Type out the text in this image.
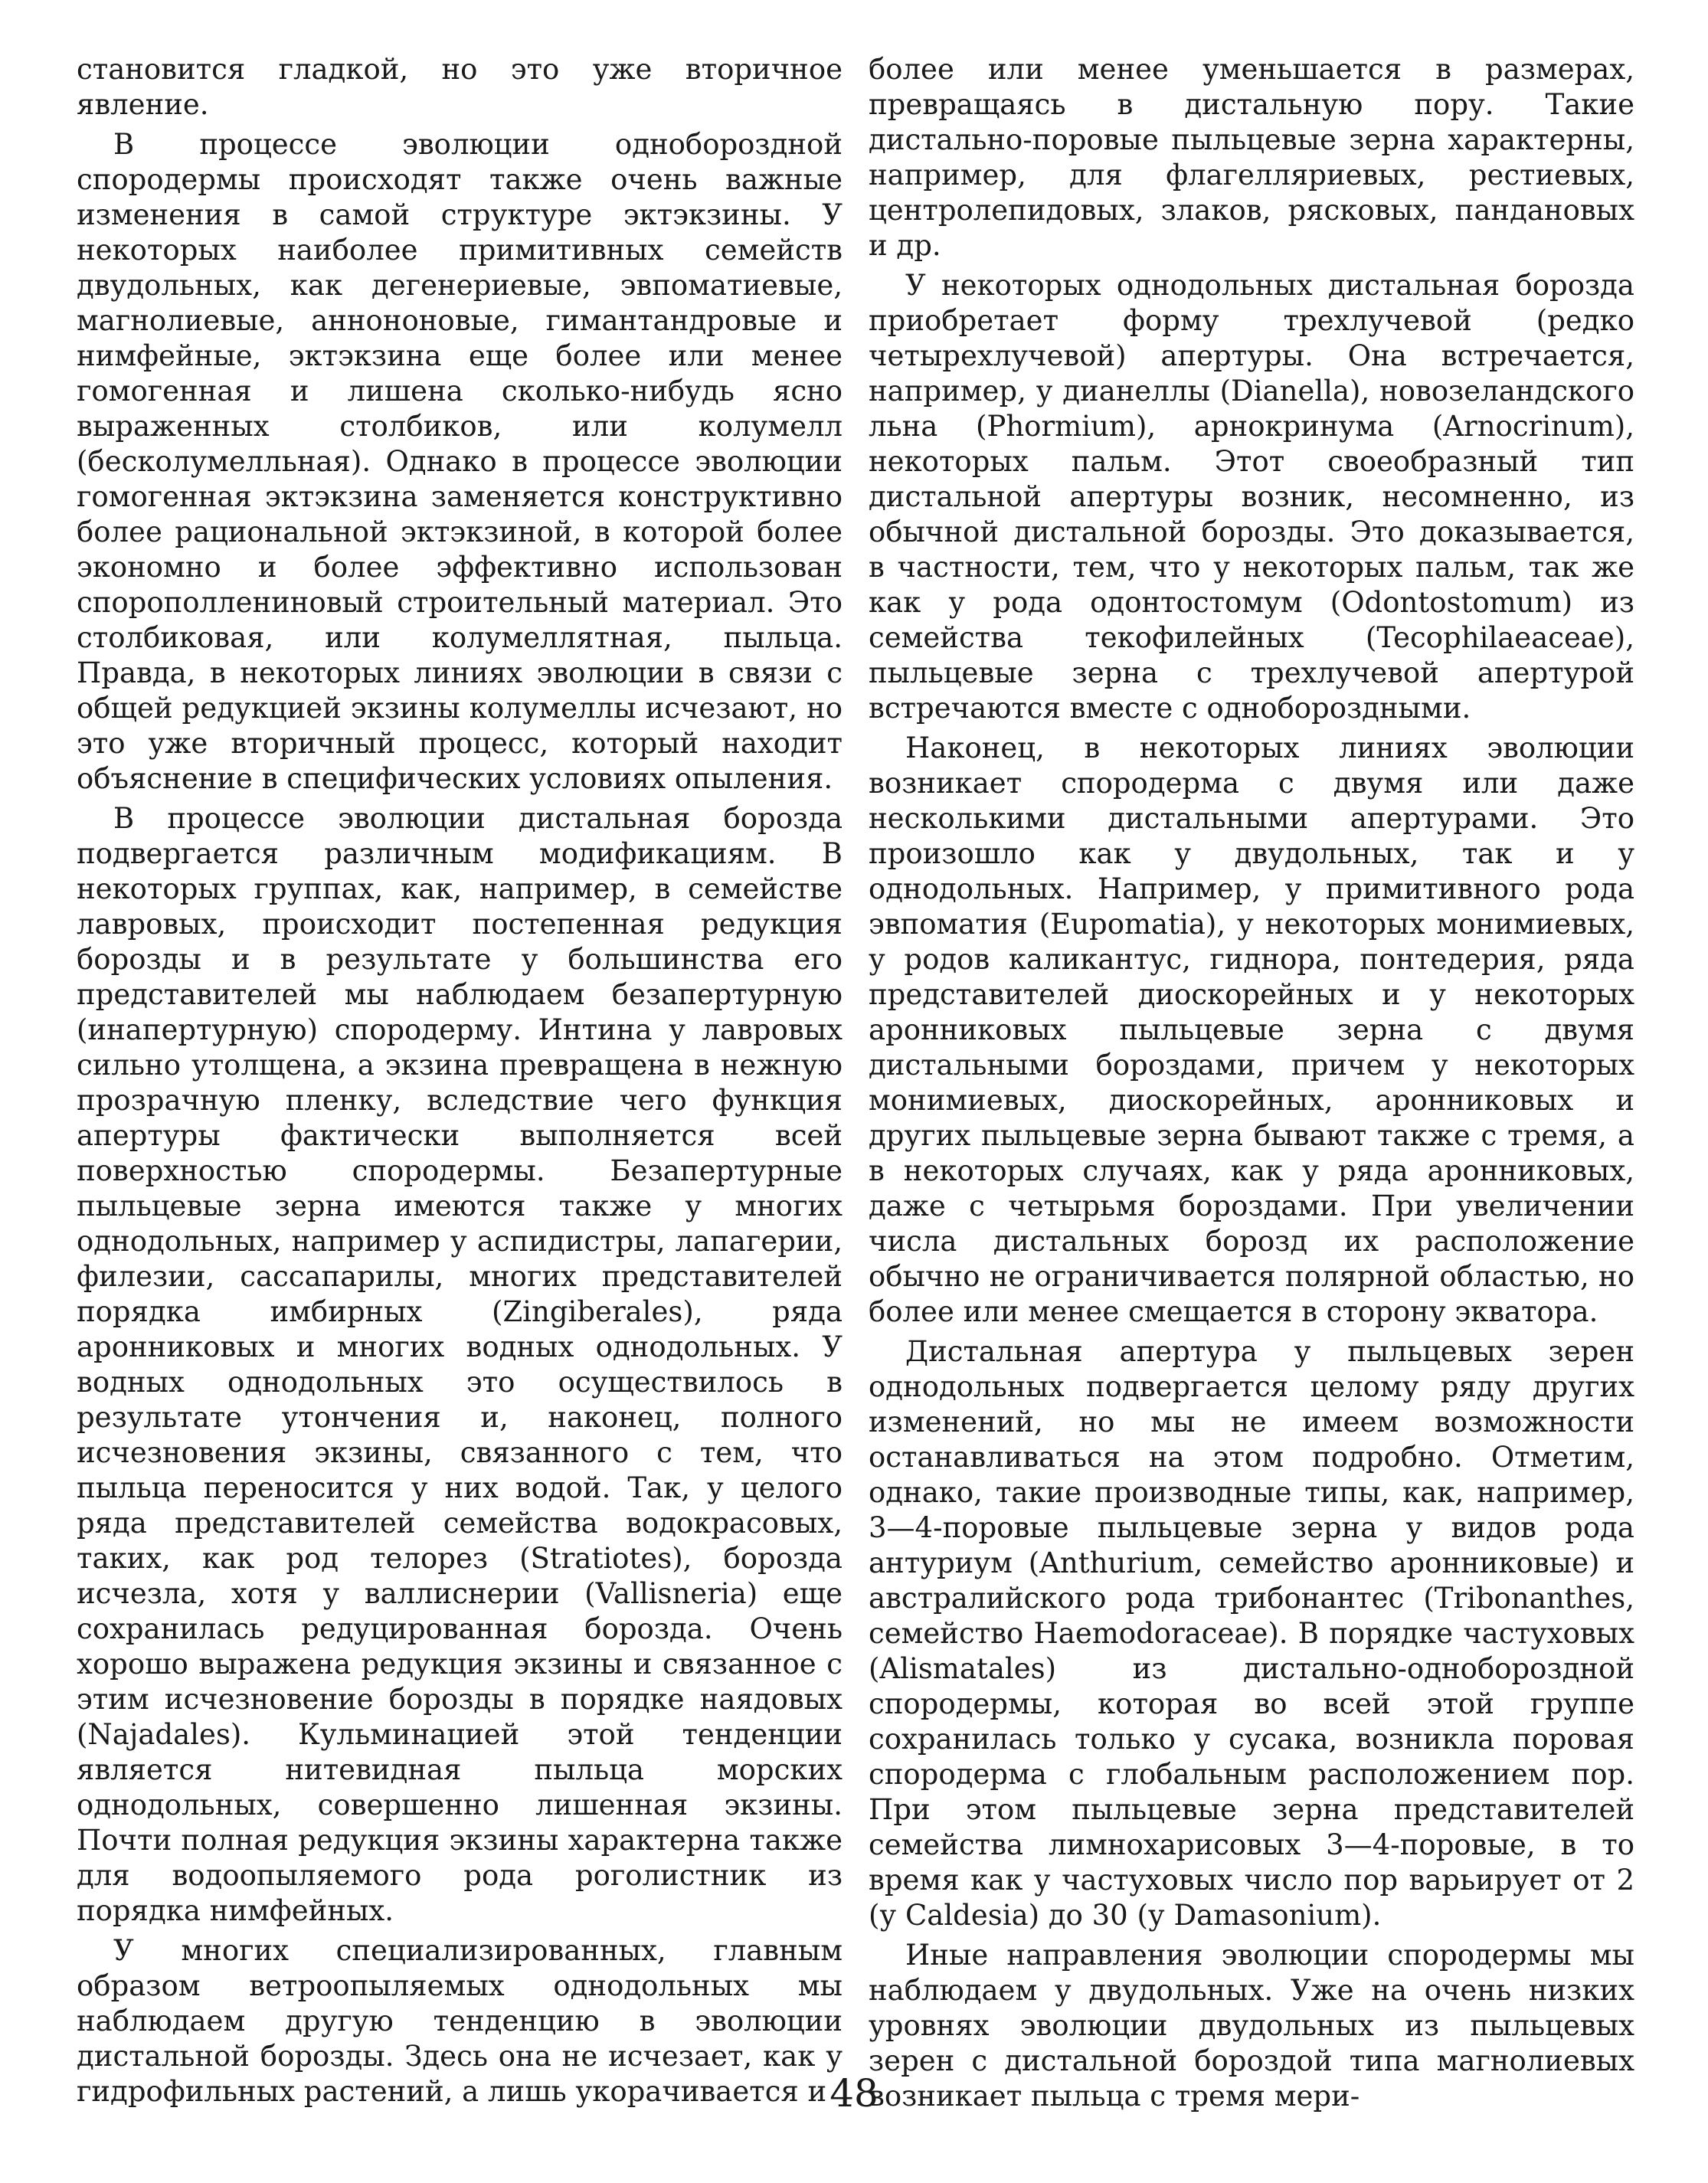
становится гладкой, но это уже вторичное явление.

В процессе эволюции однобороздной спородермы происходят также очень важные изменения в самой структуре эктэкзины. У некоторых наиболее примитивных семейств двудольных, как дегенериевые, эвпоматиевые, магнолиевые, аннононовые, гимантандровые и нимфейные, эктэкзина еще более или менее гомогенная и лишена сколько-нибудь ясно выраженных столбиков, или колумелл (бесколумелльная). Однако в процессе эволюции гомогенная эктэкзина заменяется конструктивно более рациональной эктэкзиной, в которой более экономно и более эффективно использован спорополлениновый строительный материал. Это столбиковая, или колумеллятная, пыльца. Правда, в некоторых линиях эволюции в связи с общей редукцией экзины колумеллы исчезают, но это уже вторичный процесс, который находит объяснение в специфических условиях опыления.

В процессе эволюции дистальная борозда подвергается различным модификациям. В некоторых группах, как, например, в семействе лавровых, происходит постепенная редукция борозды и в результате у большинства его представителей мы наблюдаем безапертурную (инапертурную) спородерму. Интина у лавровых сильно утолщена, а экзина превращена в нежную прозрачную пленку, вследствие чего функция апертуры фактически выполняется всей поверхностью спородермы. Безапертурные пыльцевые зерна имеются также у многих однодольных, например у аспидистры, лапагерии, филезии, сассапарилы, многих представителей порядка имбирных (Zingiberales), ряда аронниковых и многих водных однодольных. У водных однодольных это осуществилось в результате утончения и, наконец, полного исчезновения экзины, связанного с тем, что пыльца переносится у них водой. Так, у целого ряда представителей семейства водокрасовых, таких, как род телорез (Stratiotes), борозда исчезла, хотя у валлиснерии (Vallisneria) еще сохранилась редуцированная борозда. Очень хорошо выражена редукция экзины и связанное с этим исчезновение борозды в порядке наядовых (Najadales). Кульминацией этой тенденции является нитевидная пыльца морских однодольных, совершенно лишенная экзины. Почти полная редукция экзины характерна также для водоопыляемого рода роголистник из порядка нимфейных.

У многих специализированных, главным образом ветроопыляемых однодольных мы наблюдаем другую тенденцию в эволюции дистальной борозды. Здесь она не исчезает, как у гидрофильных растений, а лишь укорачивается и

более или менее уменьшается в размерах, превращаясь в дистальную пору. Такие дистально-поровые пыльцевые зерна характерны, например, для флагелляриевых, рестиевых, центролепидовых, злаков, рясковых, пандановых и др.

У некоторых однодольных дистальная борозда приобретает форму трехлучевой (редко четырехлучевой) апертуры. Она встречается, например, у дианеллы (Dianella), новозеландского льна (Phormium), арнокринума (Arnocrinum), некоторых пальм. Этот своеобразный тип дистальной апертуры возник, несомненно, из обычной дистальной борозды. Это доказывается, в частности, тем, что у некоторых пальм, так же как у рода одонтостомум (Odontostomum) из семейства текофилейных (Tecophilaeaceae), пыльцевые зерна с трехлучевой апертурой встречаются вместе с однобороздными.

Наконец, в некоторых линиях эволюции возникает спородерма с двумя или даже несколькими дистальными апертурами. Это произошло как у двудольных, так и у однодольных. Например, у примитивного рода эвпоматия (Eupomatia), у некоторых монимиевых, у родов каликантус, гиднора, понтедерия, ряда представителей диоскорейных и у некоторых аронниковых пыльцевые зерна с двумя дистальными бороздами, причем у некоторых монимиевых, диоскорейных, аронниковых и других пыльцевые зерна бывают также с тремя, а в некоторых случаях, как у ряда аронниковых, даже с четырьмя бороздами. При увеличении числа дистальных борозд их расположение обычно не ограничивается полярной областью, но более или менее смещается в сторону экватора.

Дистальная апертура у пыльцевых зерен однодольных подвергается целому ряду других изменений, но мы не имеем возможности останавливаться на этом подробно. Отметим, однако, такие производные типы, как, например, 3—4-поровые пыльцевые зерна у видов рода антуриум (Anthurium, семейство аронниковые) и австралийского рода трибонантес (Tribonanthes, семейство Haemodoraceae). В порядке частуховых (Alismatales) из дистально-однобороздной спородермы, которая во всей этой группе сохранилась только у сусака, возникла поровая спородерма с глобальным расположением пор. При этом пыльцевые зерна представителей семейства лимнохарисовых 3—4-поровые, в то время как у частуховых число пор варьирует от 2 (у Caldesia) до 30 (у Damasonium).

Иные направления эволюции спородермы мы наблюдаем у двудольных. Уже на очень низких уровнях эволюции двудольных из пыльцевых зерен с дистальной бороздой типа магнолиевых возникает пыльца с тремя мери-

48
